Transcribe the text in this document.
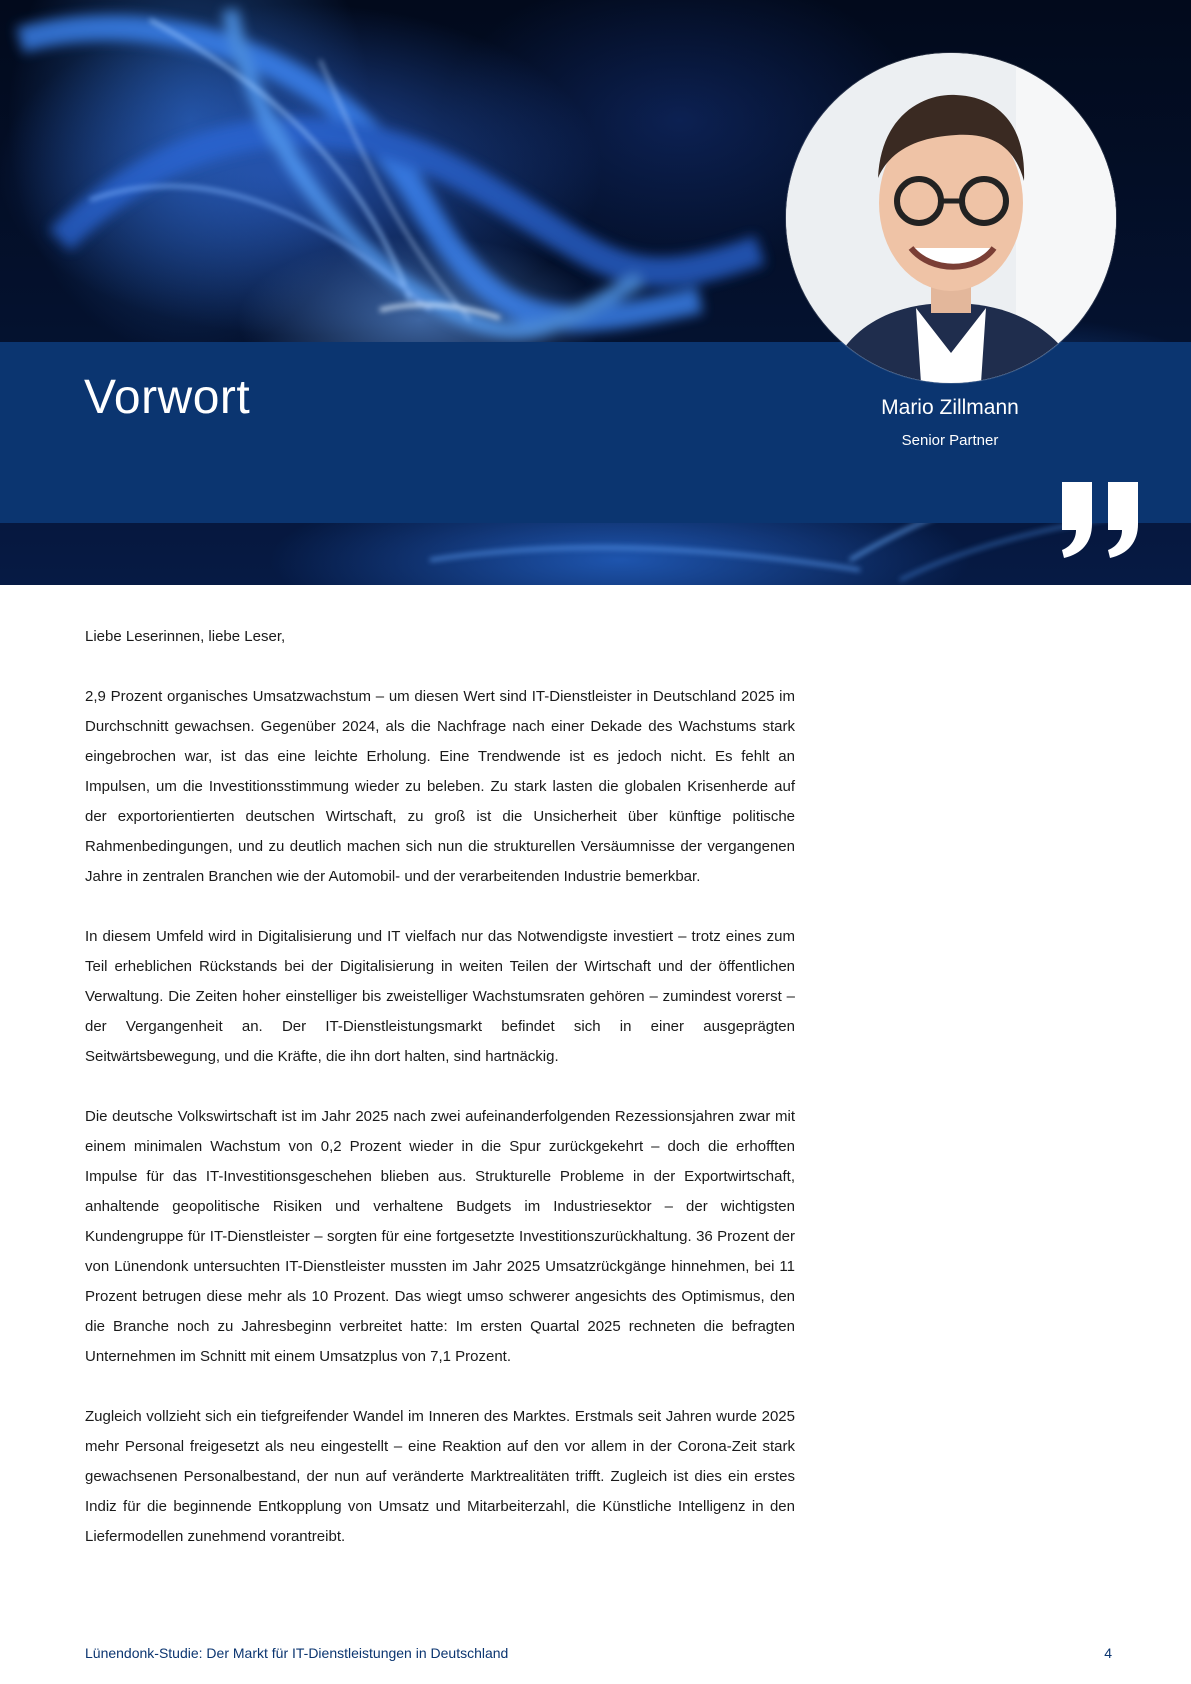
Vorwort	Mario Zillmann
Senior Partner

Liebe Leserinnen, liebe Leser,

2,9 Prozent organisches Umsatzwachstum – um diesen Wert sind IT-Dienstleister in Deutschland 2025 im Durchschnitt gewachsen. Gegenüber 2024, als die Nachfrage nach einer Dekade des Wachstums stark eingebrochen war, ist das eine leichte Erholung. Eine Trendwende ist es jedoch nicht. Es fehlt an Impulsen, um die Investitionsstimmung wieder zu beleben. Zu stark lasten die globalen Krisenherde auf der exportorientierten deutschen Wirtschaft, zu groß ist die Unsicherheit über künftige politische Rahmenbedingungen, und zu deutlich machen sich nun die strukturellen Versäumnisse der vergangenen Jahre in zentralen Branchen wie der Automobil- und der verarbeitenden Industrie bemerkbar.

In diesem Umfeld wird in Digitalisierung und IT vielfach nur das Notwendigste investiert – trotz eines zum Teil erheblichen Rückstands bei der Digitalisierung in weiten Teilen der Wirtschaft und der öffentlichen Verwaltung. Die Zeiten hoher einstelliger bis zweistelliger Wachstumsraten gehören – zumindest vorerst – der Vergangenheit an. Der IT-Dienstleistungsmarkt befindet sich in einer ausgeprägten Seitwärtsbewegung, und die Kräfte, die ihn dort halten, sind hartnäckig.

Die deutsche Volkswirtschaft ist im Jahr 2025 nach zwei aufeinanderfolgenden Rezessionsjahren zwar mit einem minimalen Wachstum von 0,2 Prozent wieder in die Spur zurückgekehrt – doch die erhofften Impulse für das IT-Investitionsgeschehen blieben aus. Strukturelle Probleme in der Exportwirtschaft, anhaltende geopolitische Risiken und verhaltene Budgets im Industriesektor – der wichtigsten Kundengruppe für IT-Dienstleister – sorgten für eine fortgesetzte Investitionszurückhaltung. 36 Prozent der von Lünendonk untersuchten IT-Dienstleister mussten im Jahr 2025 Umsatzrückgänge hinnehmen, bei 11 Prozent betrugen diese mehr als 10 Prozent. Das wiegt umso schwerer angesichts des Optimismus, den die Branche noch zu Jahresbeginn verbreitet hatte: Im ersten Quartal 2025 rechneten die befragten Unternehmen im Schnitt mit einem Umsatzplus von 7,1 Prozent.

Zugleich vollzieht sich ein tiefgreifender Wandel im Inneren des Marktes. Erstmals seit Jahren wurde 2025 mehr Personal freigesetzt als neu eingestellt – eine Reaktion auf den vor allem in der Corona-Zeit stark gewachsenen Personalbestand, der nun auf veränderte Marktrealitäten trifft. Zugleich ist dies ein erstes Indiz für die beginnende Entkopplung von Umsatz und Mitarbeiterzahl, die Künstliche Intelligenz in den Liefermodellen zunehmend vorantreibt.

Lünendonk-Studie: Der Markt für IT-Dienstleistungen in Deutschland	4
